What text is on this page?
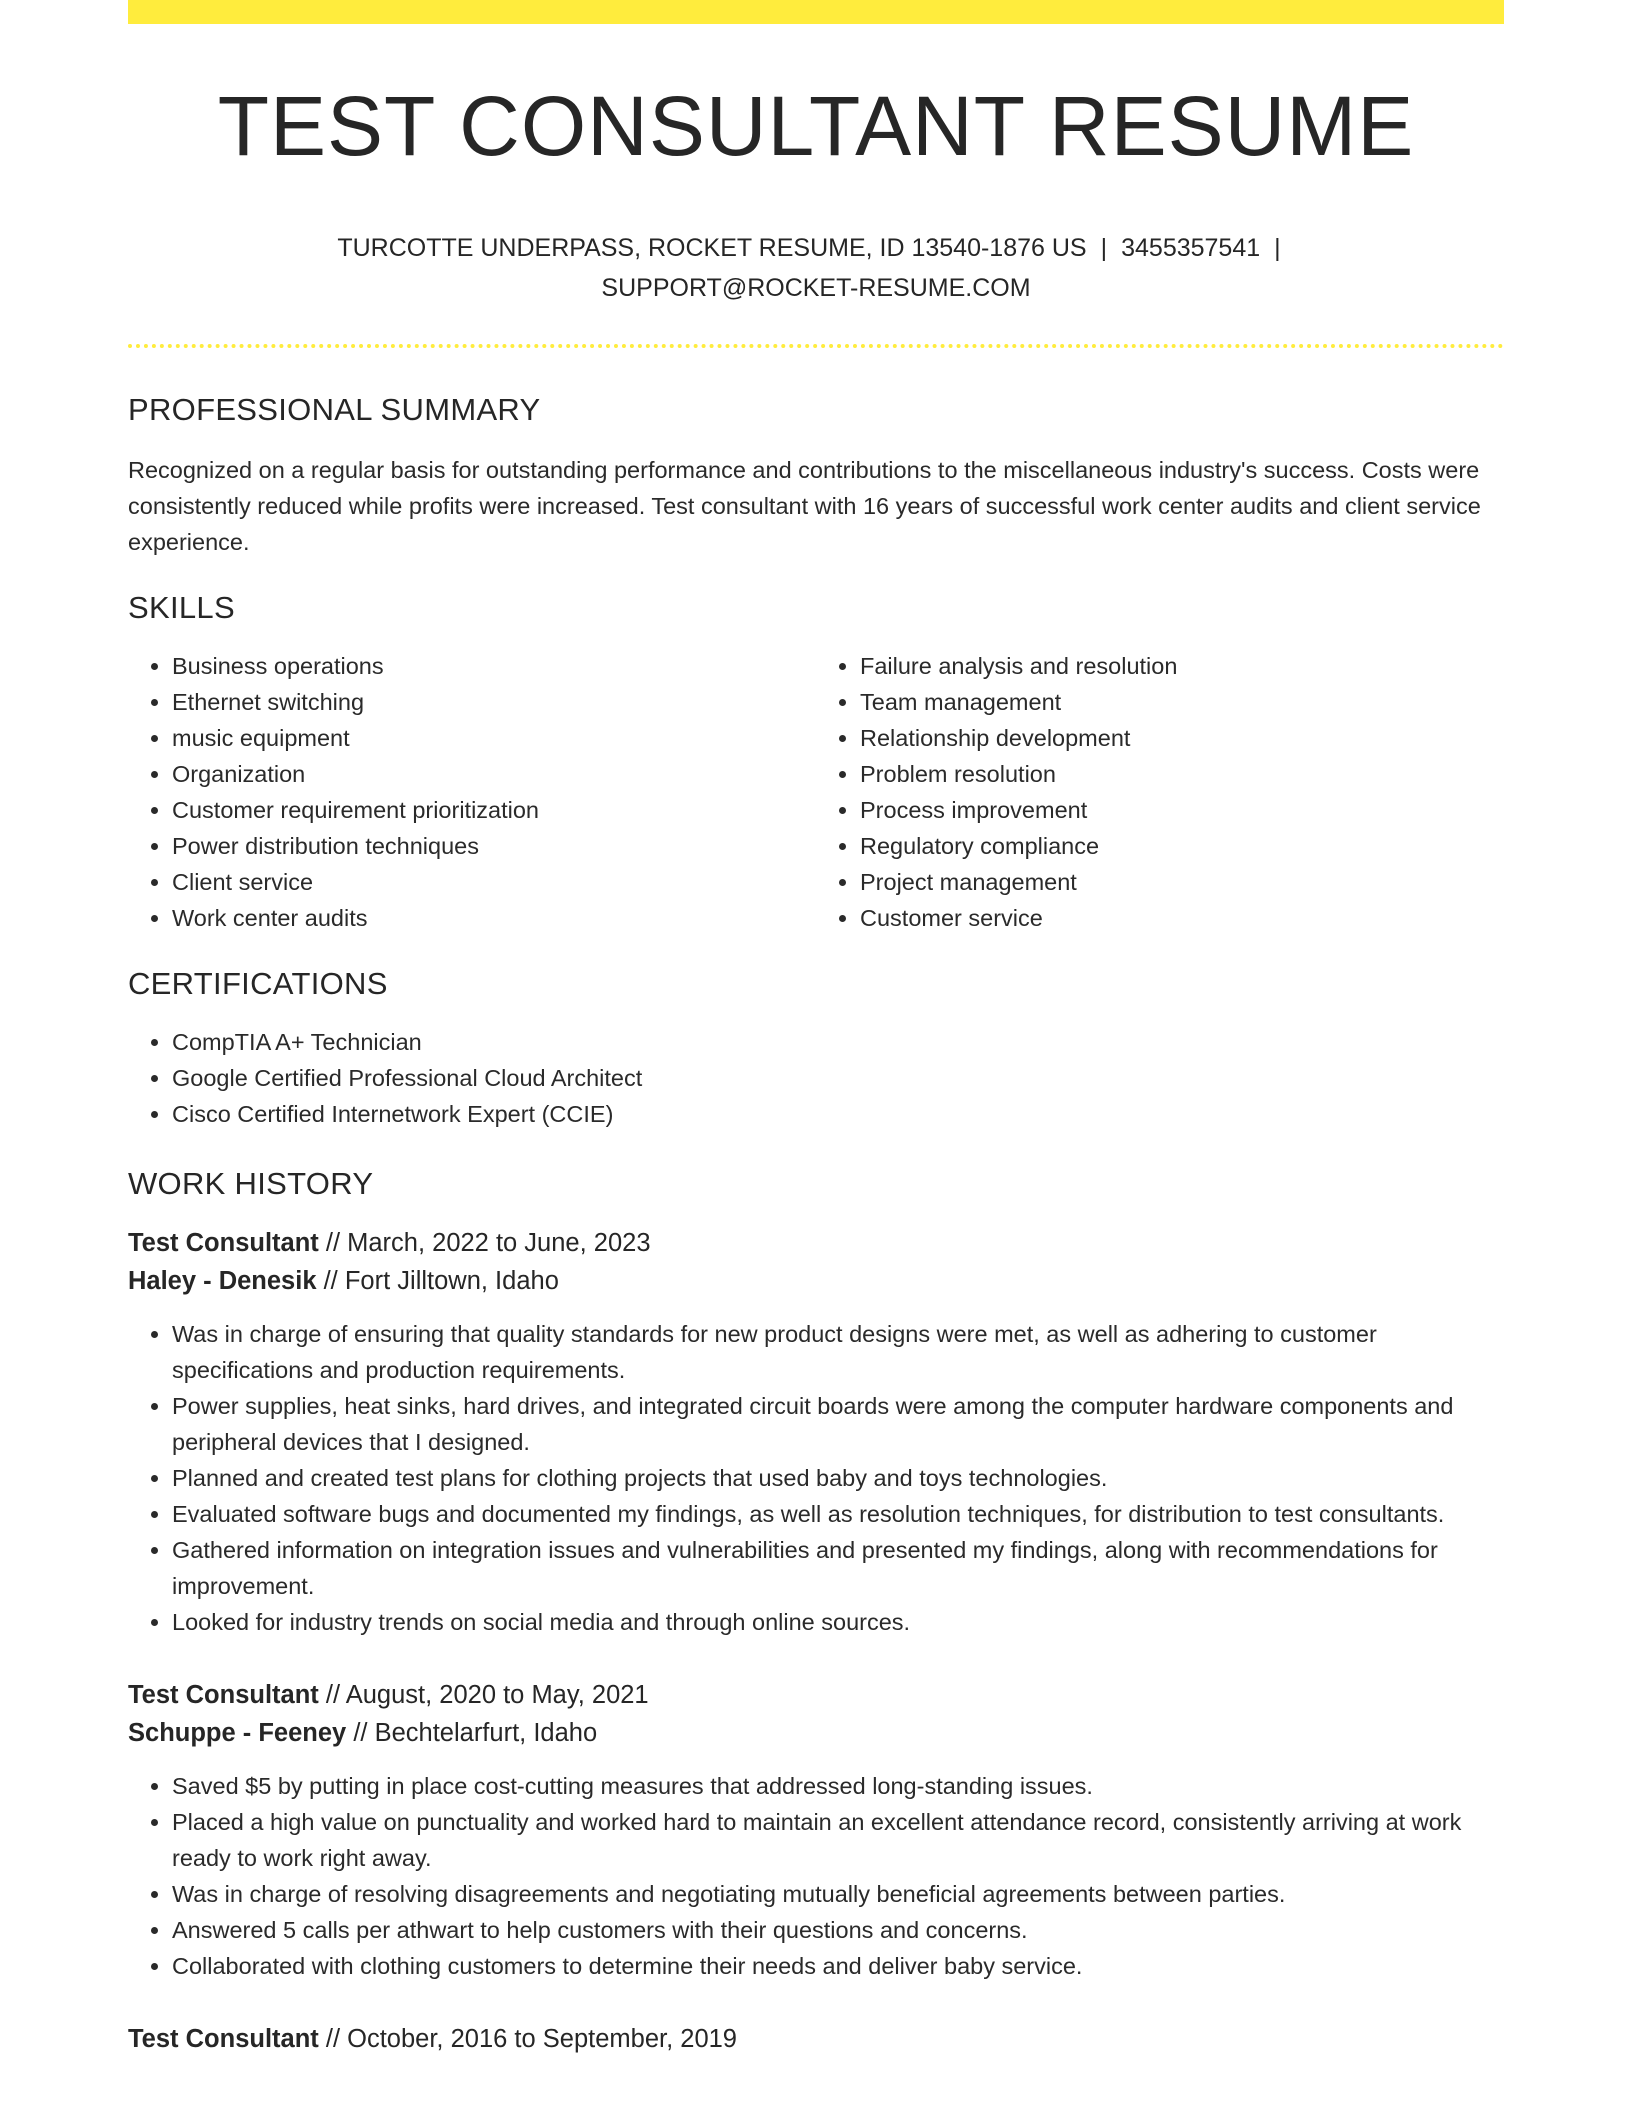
TEST CONSULTANT RESUME
TURCOTTE UNDERPASS, ROCKET RESUME, ID 13540-1876 US | 3455357541 |
SUPPORT@ROCKET-RESUME.COM
PROFESSIONAL SUMMARY

Recognized on a regular basis for outstanding performance and contributions to the miscellaneous industry's success. Costs were consistently reduced while profits were increased. Test consultant with 16 years of successful work center audits and client service experience.

SKILLS
• Business operations
• Ethernet switching
• music equipment
• Organization
• Customer requirement prioritization
• Power distribution techniques
• Client service
• Work center audits
• Failure analysis and resolution
• Team management
• Relationship development
• Problem resolution
• Process improvement
• Regulatory compliance
• Project management
• Customer service
CERTIFICATIONS
• CompTIA A+ Technician
• Google Certified Professional Cloud Architect
• Cisco Certified Internetwork Expert (CCIE)
WORK HISTORY
Test Consultant // March, 2022 to June, 2023
Haley - Denesik // Fort Jilltown, Idaho
• Was in charge of ensuring that quality standards for new product designs were met, as well as adhering to customer specifications and production requirements.
• Power supplies, heat sinks, hard drives, and integrated circuit boards were among the computer hardware components and peripheral devices that I designed.
• Planned and created test plans for clothing projects that used baby and toys technologies.
• Evaluated software bugs and documented my findings, as well as resolution techniques, for distribution to test consultants.
• Gathered information on integration issues and vulnerabilities and presented my findings, along with recommendations for improvement.
• Looked for industry trends on social media and through online sources.
Test Consultant // August, 2020 to May, 2021
Schuppe - Feeney // Bechtelarfurt, Idaho
• Saved $5 by putting in place cost-cutting measures that addressed long-standing issues.
• Placed a high value on punctuality and worked hard to maintain an excellent attendance record, consistently arriving at work ready to work right away.
• Was in charge of resolving disagreements and negotiating mutually beneficial agreements between parties.
• Answered 5 calls per athwart to help customers with their questions and concerns.
• Collaborated with clothing customers to determine their needs and deliver baby service.
Test Consultant // October, 2016 to September, 2019
